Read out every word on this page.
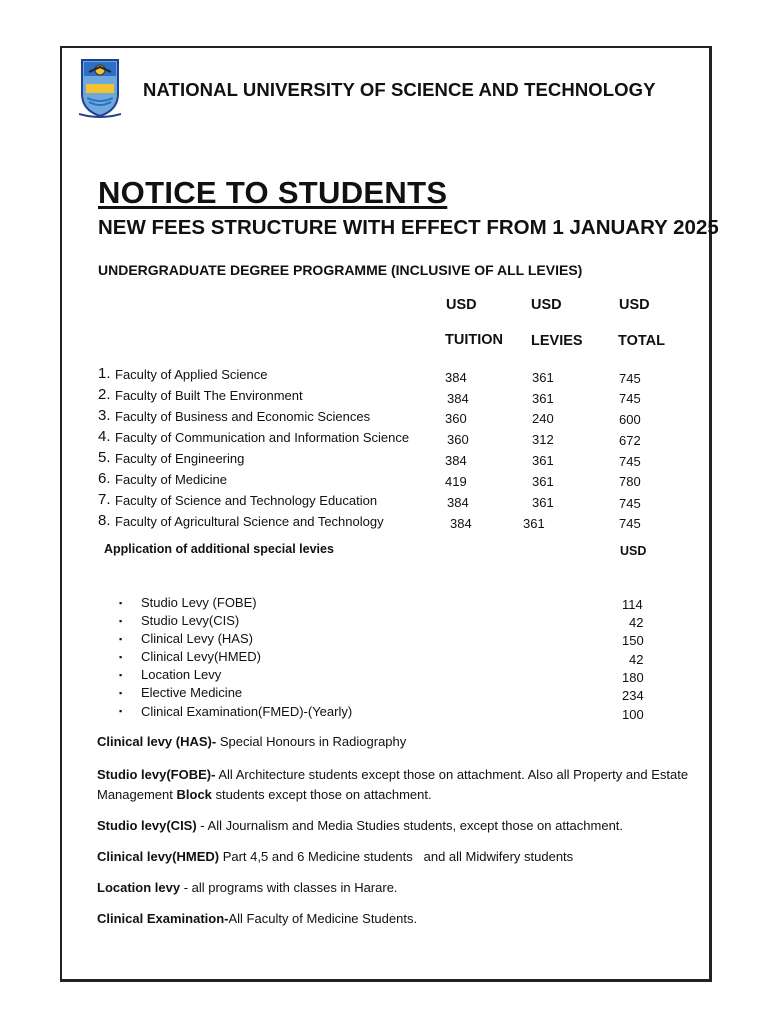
NATIONAL UNIVERSITY OF SCIENCE AND TECHNOLOGY
NOTICE TO STUDENTS
NEW FEES STRUCTURE WITH EFFECT FROM 1 JANUARY 2025
UNDERGRADUATE DEGREE PROGRAMME (INCLUSIVE OF ALL LEVIES)
USD	USD	USD
TUITION LEVIES TOTAL
1. Faculty of Applied Science	384	361	745
2. Faculty of Built The Environment	384	361	745
3. Faculty of Business and Economic Sciences	360	240	600
4. Faculty of Communication and Information Science	360	312	672
5. Faculty of Engineering	384	361	745
6. Faculty of Medicine	419	361	780
7. Faculty of Science and Technology Education	384	361	745
8. Faculty of Agricultural Science and Technology	384	361	745
Application of additional special levies	USD
▪ Studio Levy (FOBE)	114
▪ Studio Levy(CIS)	42
▪ Clinical Levy (HAS)	150
▪ Clinical Levy(HMED)	42
▪ Location Levy	180
▪ Elective Medicine	234
▪ Clinical Examination(FMED)-(Yearly)	100
Clinical levy (HAS)- Special Honours in Radiography
Studio levy(FOBE)- All Architecture students except those on attachment. Also all Property and Estate
Management Block students except those on attachment.
Studio levy(CIS) - All Journalism and Media Studies students, except those on attachment.
Clinical levy(HMED) Part 4,5 and 6 Medicine students   and all Midwifery students
Location levy - all programs with classes in Harare.
Clinical Examination-All Faculty of Medicine Students.
